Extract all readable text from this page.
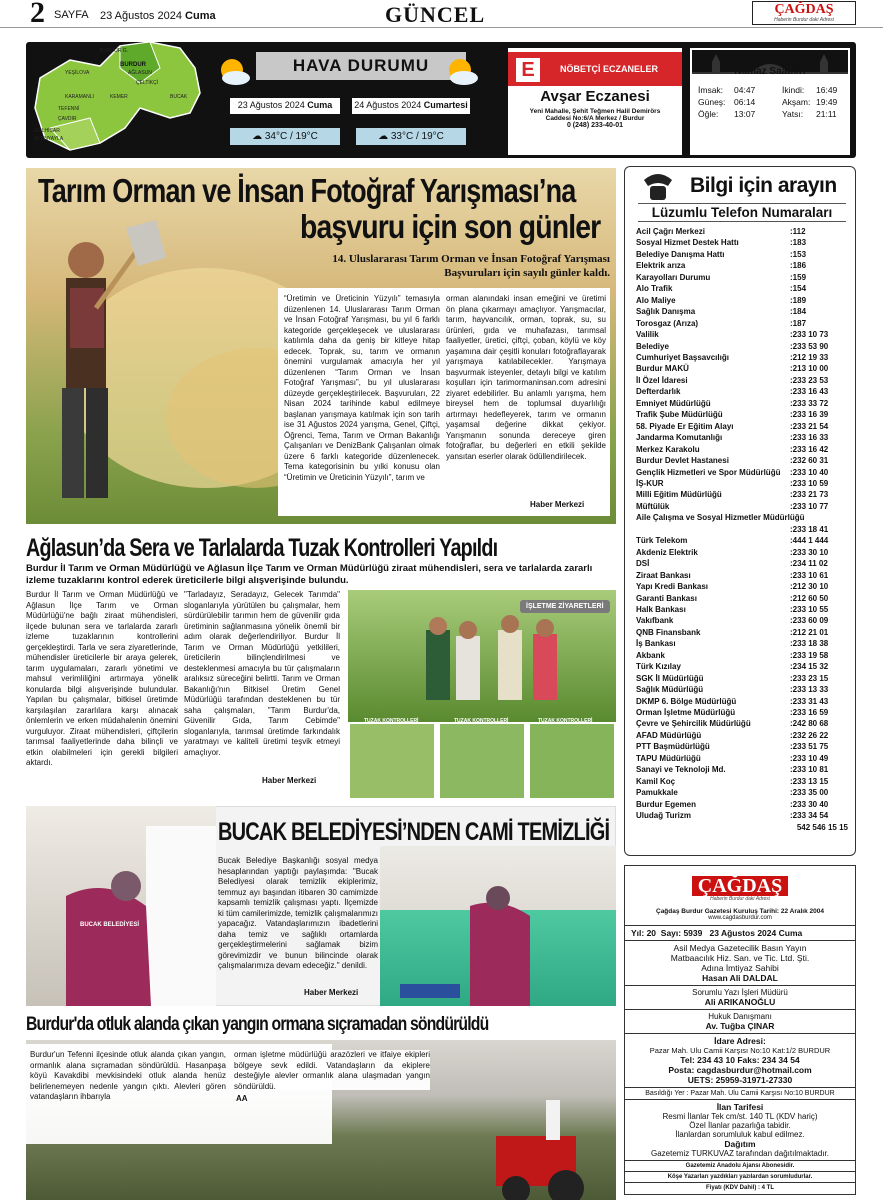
2 SAYFA 23 Ağustos 2024 Cuma	GÜNCEL	ÇAĞDAŞ
Haberin Burdur daki Adresi
BURDUR G.
YEŞİLOVA
BURDUR
AĞLASUN
ÇELTİKÇİ
KARAMANLI	KEMER
TEFENNİ
BUCAK
ÇAVDIR
GÖLHİSAR
ALTINYAYLA
HAVA DURUMU
23 Ağustos 2024 Cuma	24 Ağustos 2024 Cumartesi
☁ 34°C / 19°C	☁ 33°C / 19°C
E	NÖBETÇİ ECZANELER
Avşar Eczanesi
Yeni Mahalle, Şehit Teğmen Halil Demirörs
Caddesi No:6/A Merkez / Burdur
0 (248) 233-40-01
Namaz Saatleri
İmsak: 04:47
Güneş: 06:14
Öğle: 13:07
İkindi: 16:49
Akşam: 19:49
Yatsı: 21:11
Tarım Orman ve İnsan Fotoğraf Yarışması’na
başvuru için son günler
14. Uluslararası Tarım Orman ve İnsan Fotoğraf Yarışması
Başvuruları için sayılı günler kaldı.
“Üretimin ve Üreticinin Yüzyılı” temasıyla düzenlenen 14. Uluslararası Tarım Orman ve İnsan Fotoğraf Yarışması, bu yıl 6 farklı kategoride gerçekleşecek ve uluslararası katılımla daha da geniş bir kitleye hitap edecek. Toprak, su, tarım ve ormanın önemini vurgulamak amacıyla her yıl düzenlenen “Tarım Orman ve İnsan Fotoğraf Yarışması”, bu yıl uluslararası düzeyde gerçekleştirilecek. Başvuruları, 22 Nisan 2024 tarihinde kabul edilmeye başlanan yarışmaya katılmak için son tarih ise 31 Ağustos 2024 yarışma, Genel, Çiftçi, Öğrenci, Tema, Tarım ve Orman Bakanlığı Çalışanları ve DenizBank Çalışanları olmak üzere 6 farklı kategoride düzenlenecek. Tema kategorisinin bu yılki konusu olan “Üretimin ve Üreticinin Yüzyılı”, tarım ve
orman alanındaki insan emeğini ve üretimi ön plana çıkarmayı amaçlıyor. Yarışmacılar, tarım, hayvancılık, orman, toprak, su, su ürünleri, gıda ve muhafazası, tarımsal faaliyetler, üretici, çiftçi, çoban, köylü ve köy yaşamına dair çeşitli konuları fotoğraflayarak yarışmaya katılabilecekler. Yarışmaya başvurmak isteyenler, detaylı bilgi ve katılım koşulları için tarimormaninsan.com adresini ziyaret edebilirler. Bu anlamlı yarışma, hem bireysel hem de toplumsal duyarlılığı artırmayı hedefleyerek, tarım ve ormanın yaşamsal değerine dikkat çekiyor. Yarışmanın sonunda dereceye giren fotoğraflar, bu değerleri en etkili şekilde yansıtan eserler olarak ödüllendirilecek.
Haber Merkezi
Ağlasun’da Sera ve Tarlalarda Tuzak Kontrolleri Yapıldı
Burdur İl Tarım ve Orman Müdürlüğü ve Ağlasun İlçe Tarım ve Orman Müdürlüğü ziraat mühendisleri, sera ve tarlalarda zararlı izleme tuzaklarını kontrol ederek üreticilerle bilgi alışverişinde bulundu.
Burdur İl Tarım ve Orman Müdürlüğü ve Ağlasun İlçe Tarım ve Orman Müdürlüğü'ne bağlı ziraat mühendisleri, ilçede bulunan sera ve tarlalarda zararlı izleme tuzaklarının kontrollerini gerçekleştirdi. Tarla ve sera ziyaretlerinde, mühendisler üreticilerle bir araya gelerek, tarım uygulamaları, zararlı yönetimi ve mahsul verimliliğini artırmaya yönelik konularda bilgi alışverişinde bulundular. Yapılan bu çalışmalar, bitkisel üretimde karşılaşılan zararlılara karşı alınacak önlemlerin ve erken müdahalenin önemini vurguluyor. Ziraat mühendisleri, çiftçilerin tarımsal faaliyetlerinde daha bilinçli ve etkin olabilmeleri için gerekli bilgileri aktardı.
"Tarladayız, Seradayız, Gelecek Tarımda" sloganlarıyla yürütülen bu çalışmalar, hem sürdürülebilir tarımın hem de güvenilir gıda üretiminin sağlanmasına yönelik önemli bir adım olarak değerlendiriliyor. Burdur İl Tarım ve Orman Müdürlüğü yetkilileri, üreticilerin bilinçlendirilmesi ve desteklenmesi amacıyla bu tür çalışmaların aralıksız süreceğini belirtti. Tarım ve Orman Bakanlığı'nın Bitkisel Üretim Genel Müdürlüğü tarafından desteklenen bu tür saha çalışmaları, "Tarım Burdur'da, Güvenilir Gıda, Tarım Cebimde" sloganlarıyla, tarımsal üretimde farkındalık yaratmayı ve kaliteli üretimi teşvik etmeyi amaçlıyor.
Haber Merkezi
İŞLETME ZİYARETLERİ
TUZAK KONTROLLERİ	TUZAK KONTROLLERİ	TUZAK KONTROLLERİ
BUCAK BELEDİYESİ
BUCAK BELEDİYESİ’NDEN CAMİ TEMİZLİĞİ
Bucak Belediye Başkanlığı sosyal medya hesaplarından yaptığı paylaşımda: "Bucak Belediyesi olarak temizlik ekiplerimiz, temmuz ayı başından itibaren 30 camimizde kapsamlı temizlik çalışması yaptı. İlçemizde ki tüm camilerimizde, temizlik çalışmalarımızı yapacağız. Vatandaşlarımızın ibadetlerini daha temiz ve sağlıklı ortamlarda gerçekleştirmelerini sağlamak bizim görevimizdir ve bunun bilincinde olarak çalışmalarımıza devam edeceğiz." denildi.
Haber Merkezi
Burdur'da otluk alanda çıkan yangın ormana sıçramadan söndürüldü
Burdur'un Tefenni ilçesinde otluk alanda çıkan yangın, ormanlık alana sıçramadan söndürüldü. Hasanpaşa köyü Kavakdibi mevkisindeki otluk alanda henüz belirlenemeyen nedenle yangın çıktı. Alevleri gören vatandaşların ihbarıyla
orman işletme müdürlüğü arazözleri ve itfaiye ekipleri bölgeye sevk edildi. Vatandaşların da ekiplere desteğiyle alevler ormanlık alana ulaşmadan yangın söndürüldü.
AA
Bilgi için arayın
Lüzumlu Telefon Numaraları
Acil Çağrı Merkezi	:112
Sosyal Hizmet Destek Hattı	:183
Belediye Danışma Hattı	:153
Elektrik arıza	:186
Karayolları Durumu	:159
Alo Trafik	:154
Alo Maliye	:189
Sağlık Danışma	:184
Torosgaz (Arıza)	:187
Valilik	:233 10 73
Belediye	:233 53 90
Cumhuriyet Başsavcılığı	:212 19 33
Burdur MAKÜ	:213 10 00
İl Özel İdaresi	:233 23 53
Defterdarlık	:233 16 43
Emniyet Müdürlüğü	:233 33 72
Trafik Şube Müdürlüğü	:233 16 39
58. Piyade Er Eğitim Alayı	:233 21 54
Jandarma Komutanlığı	:233 16 33
Merkez Karakolu	:233 16 42
Burdur Devlet Hastanesi	:232 60 31
Gençlik Hizmetleri ve Spor Müdürlüğü :233 10 40
İŞ-KUR	:233 10 59
Milli Eğitim Müdürlüğü	:233 21 73
Müftülük	:233 10 77
Aile Çalışma ve Sosyal Hizmetler Müdürlüğü
:233 18 41
Türk Telekom	:444 1 444
Akdeniz Elektrik	:233 30 10
DSİ	:234 11 02
Ziraat Bankası	:233 10 61
Yapı Kredi Bankası	:212 30 10
Garanti Bankası	:212 60 50
Halk Bankası	:233 10 55
Vakıfbank	:233 60 09
QNB Finansbank	:212 21 01
İş Bankası	:233 18 38
Akbank	:233 19 58
Türk Kızılay	:234 15 32
SGK İl Müdürlüğü	:233 23 15
Sağlık Müdürlüğü	:233 13 33
DKMP 6. Bölge Müdürlüğü	:233 31 43
Orman İşletme Müdürlüğü	:233 16 59
Çevre ve Şehircilik Müdürlüğü	:242 80 68
AFAD Müdürlüğü	:232 26 22
PTT Başmüdürlüğü	:233 51 75
TAPU Müdürlüğü	:233 10 49
Sanayi ve Teknoloji Md.	:233 10 81
Kamil Koç	:233 13 15
Pamukkale	:233 35 00
Burdur Egemen	:233 30 40
Uludağ Turizm	:233 34 54
542 546 15 15
ÇAĞDAŞ
Haberin Burdur daki Adresi
Çağdaş Burdur Gazetesi Kuruluş Tarihi: 22 Aralık 2004
www.cagdasburdur.com
Yıl: 20 Sayı: 5939 23 Ağustos 2024 Cuma
Asil Medya Gazetecilik Basın Yayın
Matbaacılık Hiz. San. ve Tic. Ltd. Şti.
Adına İmtiyaz Sahibi
Hasan Ali DALDAL
Sorumlu Yazı İşleri Müdürü
Ali ARIKANOĞLU
Hukuk Danışmanı
Av. Tuğba ÇINAR
İdare Adresi:
Pazar Mah. Ulu Camii Karşısı No:10 Kat:1/2 BURDUR
Tel: 234 43 10 Faks: 234 34 54
Posta: cagdasburdur@hotmail.com
UETS: 25959-31971-27330
Basıldığı Yer : Pazar Mah. Ulu Camii Karşısı No:10 BURDUR
İlan Tarifesi
Resmi İlanlar Tek cm/st. 140 TL (KDV hariç)
Özel İlanlar pazarlığa tabidir.
İlanlardan sorumluluk kabul edilmez.
Dağıtım
Gazetemiz TURKUVAZ tarafından dağıtılmaktadır.
Gazetemiz Anadolu Ajansı Abonesidir.
Köşe Yazarları yazdıkları yazılardan sorumludurlar.
Fiyatı (KDV Dahil) : 4 TL
